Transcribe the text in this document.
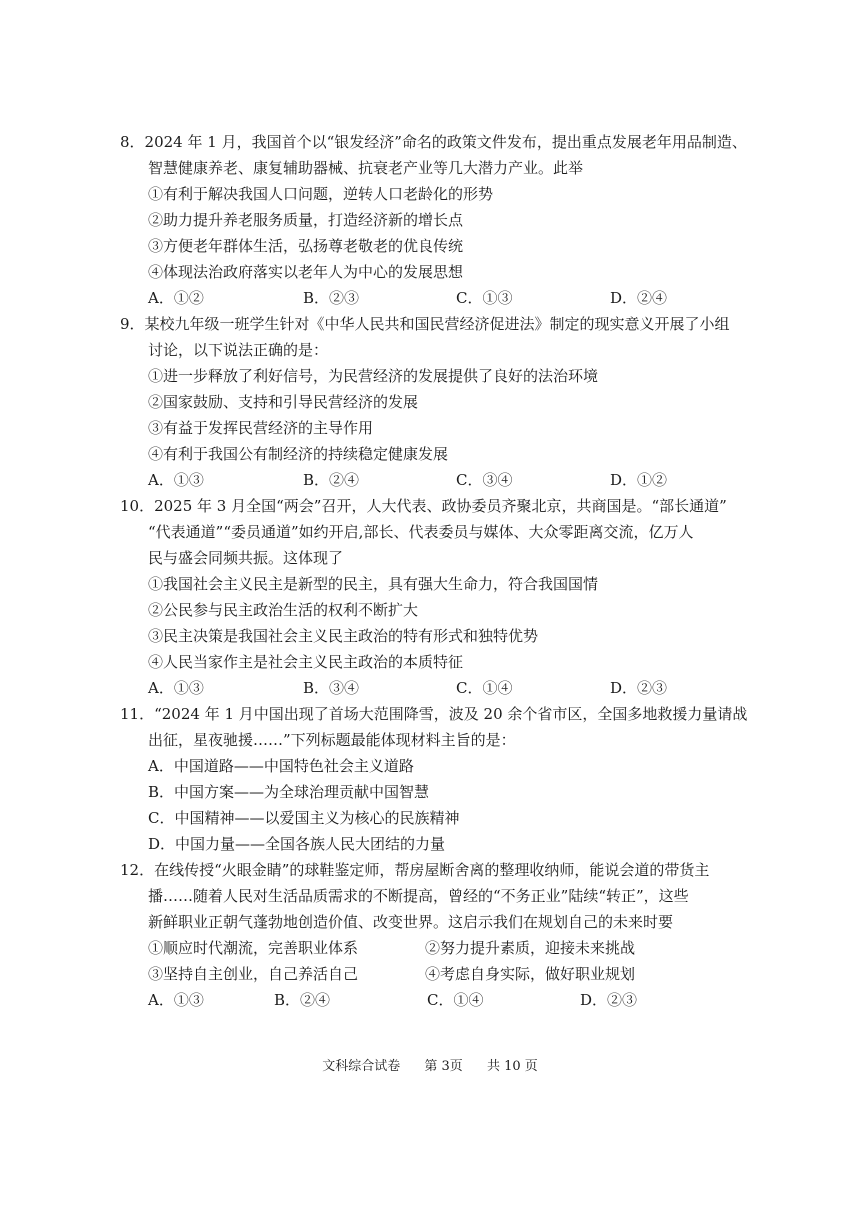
8．2024 年 1 月，我国首个以“银发经济”命名的政策文件发布，提出重点发展老年用品制造、
智慧健康养老、康复辅助器械、抗衰老产业等几大潜力产业。此举
①有利于解决我国人口问题，逆转人口老龄化的形势
②助力提升养老服务质量，打造经济新的增长点
③方便老年群体生活，弘扬尊老敬老的优良传统
④体现法治政府落实以老年人为中心的发展思想
A．①②	B．②③	C．①③	D．②④
9．某校九年级一班学生针对《中华人民共和国民营经济促进法》制定的现实意义开展了小组
讨论，以下说法正确的是：
①进一步释放了利好信号，为民营经济的发展提供了良好的法治环境
②国家鼓励、支持和引导民营经济的发展
③有益于发挥民营经济的主导作用
④有利于我国公有制经济的持续稳定健康发展
A．①③	B．②④	C．③④	D．①②
10．2025 年 3 月全国“两会”召开，人大代表、政协委员齐聚北京，共商国是。“部长通道”
“代表通道”“委员通道”如约开启,部长、代表委员与媒体、大众零距离交流，亿万人
民与盛会同频共振。这体现了
①我国社会主义民主是新型的民主，具有强大生命力，符合我国国情
②公民参与民主政治生活的权利不断扩大
③民主决策是我国社会主义民主政治的特有形式和独特优势
④人民当家作主是社会主义民主政治的本质特征
A．①③	B．③④	C．①④	D．②③
11．“2024 年 1 月中国出现了首场大范围降雪，波及 20 余个省市区，全国多地救援力量请战
出征，星夜驰援……”下列标题最能体现材料主旨的是：
A．中国道路——中国特色社会主义道路
B．中国方案——为全球治理贡献中国智慧
C．中国精神——以爱国主义为核心的民族精神
D．中国力量——全国各族人民大团结的力量
12．在线传授“火眼金睛”的球鞋鉴定师，帮房屋断舍离的整理收纳师，能说会道的带货主
播……随着人民对生活品质需求的不断提高，曾经的“不务正业”陆续“转正”，这些
新鲜职业正朝气蓬勃地创造价值、改变世界。这启示我们在规划自己的未来时要
①顺应时代潮流，完善职业体系	②努力提升素质，迎接未来挑战
③坚持自主创业，自己养活自己	④考虑自身实际，做好职业规划
A．①③	B．②④	C．①④	D．②③
文科综合试卷 第 3页 共 10 页
